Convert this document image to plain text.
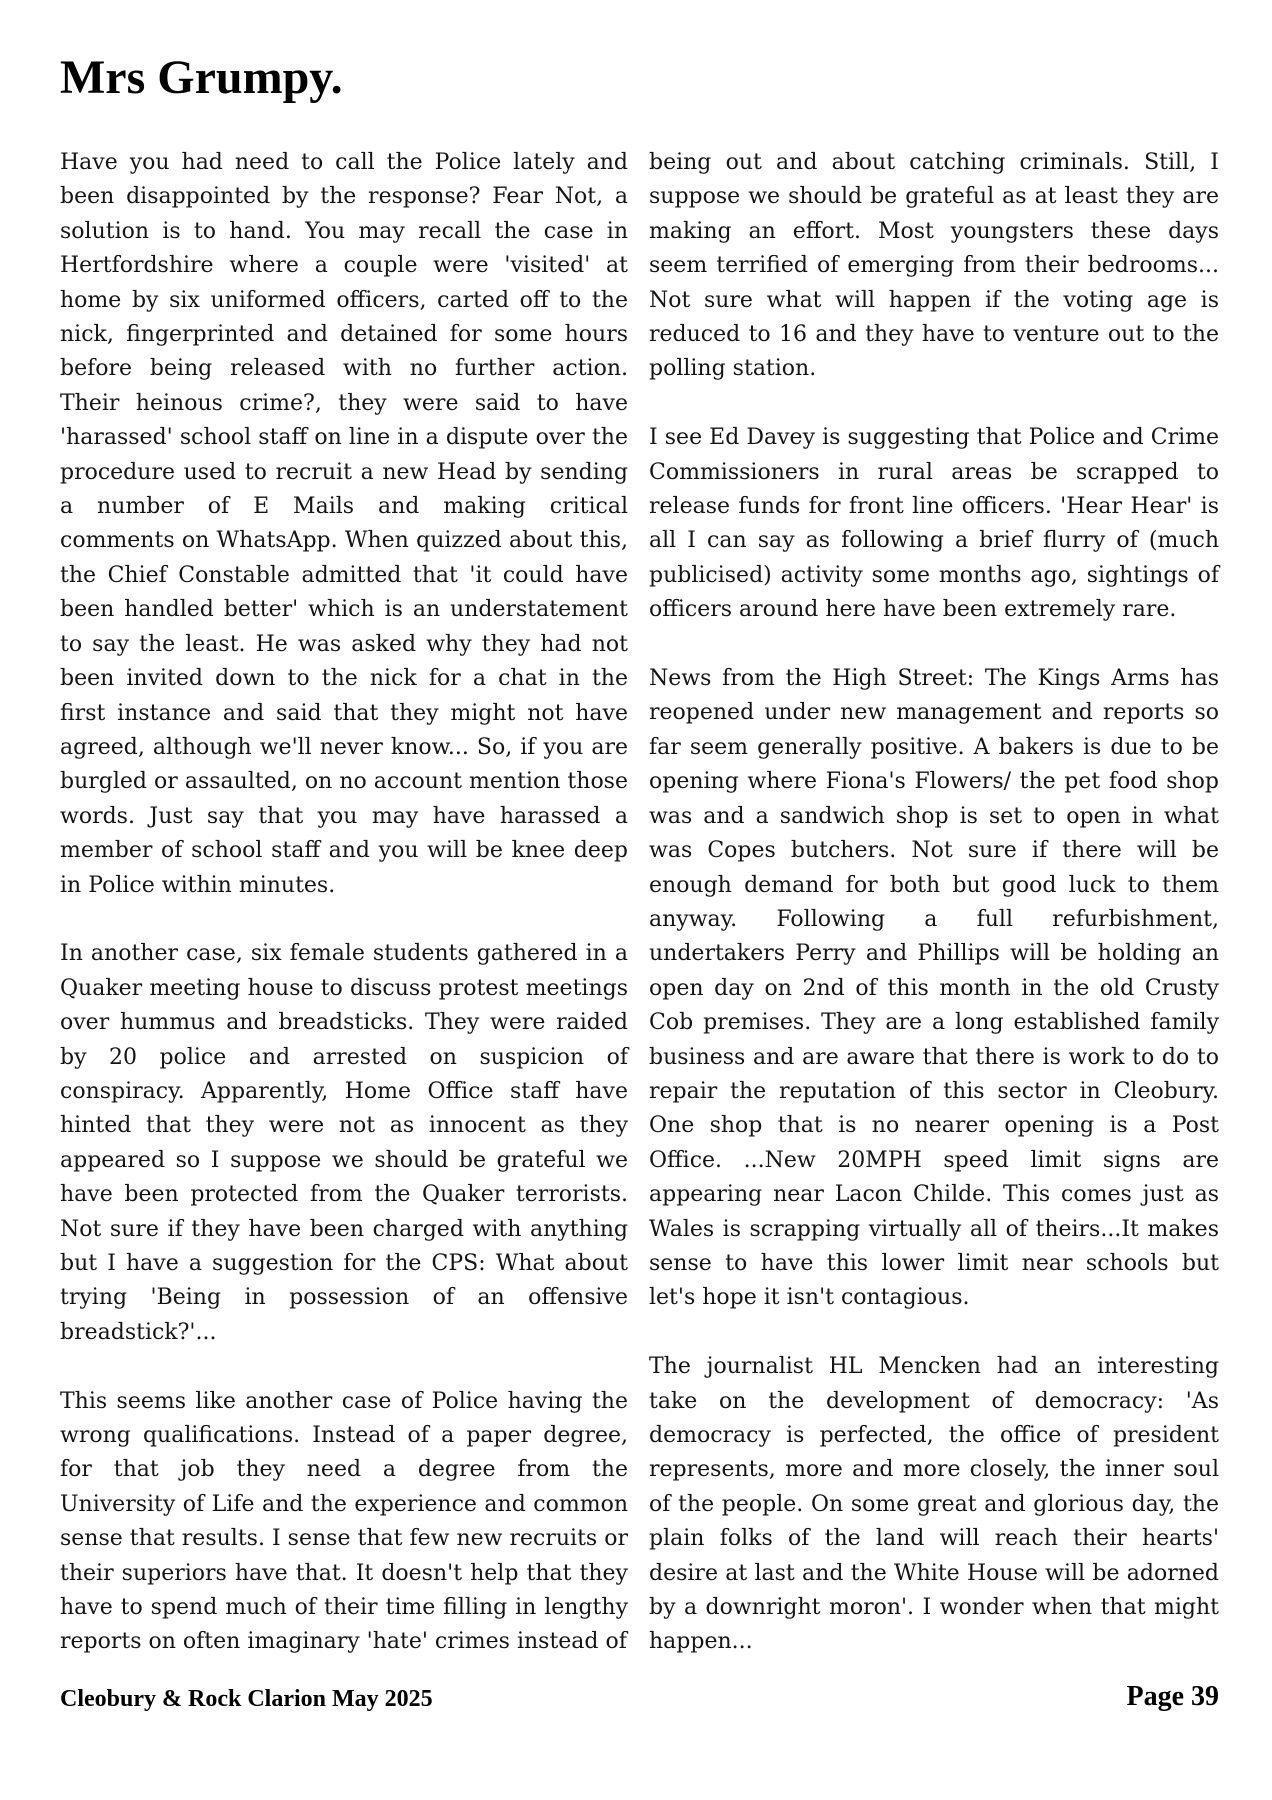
Mrs Grumpy.

Have you had need to call the Police lately and been disappointed by the response? Fear Not, a solution is to hand. You may recall the case in Hertfordshire where a couple were 'visited' at home by six uniformed officers, carted off to the nick, fingerprinted and detained for some hours before being released with no further action. Their heinous crime?, they were said to have 'harassed' school staff on line in a dispute over the procedure used to recruit a new Head by sending a number of E Mails and making critical comments on WhatsApp. When quizzed about this, the Chief Constable admitted that 'it could have been handled better' which is an understatement to say the least. He was asked why they had not been invited down to the nick for a chat in the first instance and said that they might not have agreed, although we'll never know... So, if you are burgled or assaulted, on no account mention those words. Just say that you may have harassed a member of school staff and you will be knee deep in Police within minutes.

In another case, six female students gathered in a Quaker meeting house to discuss protest meetings over hummus and breadsticks. They were raided by 20 police and arrested on suspicion of conspiracy. Apparently, Home Office staff have hinted that they were not as innocent as they appeared so I suppose we should be grateful we have been protected from the Quaker terrorists. Not sure if they have been charged with anything but I have a suggestion for the CPS: What about trying 'Being in possession of an offensive breadstick?'...

This seems like another case of Police having the wrong qualifications. Instead of a paper degree, for that job they need a degree from the University of Life and the experience and common sense that results. I sense that few new recruits or their superiors have that. It doesn't help that they have to spend much of their time filling in lengthy reports on often imaginary 'hate' crimes instead of

being out and about catching criminals. Still, I suppose we should be grateful as at least they are making an effort. Most youngsters these days seem terrified of emerging from their bedrooms... Not sure what will happen if the voting age is reduced to 16 and they have to venture out to the polling station.

I see Ed Davey is suggesting that Police and Crime Commissioners in rural areas be scrapped to release funds for front line officers. 'Hear Hear' is all I can say as following a brief flurry of (much publicised) activity some months ago, sightings of officers around here have been extremely rare.

News from the High Street: The Kings Arms has reopened under new management and reports so far seem generally positive. A bakers is due to be opening where Fiona's Flowers/ the pet food shop was and a sandwich shop is set to open in what was Copes butchers. Not sure if there will be enough demand for both but good luck to them anyway. Following a full refurbishment, undertakers Perry and Phillips will be holding an open day on 2nd of this month in the old Crusty Cob premises. They are a long established family business and are aware that there is work to do to repair the reputation of this sector in Cleobury. One shop that is no nearer opening is a Post Office. ...New 20MPH speed limit signs are appearing near Lacon Childe. This comes just as Wales is scrapping virtually all of theirs...It makes sense to have this lower limit near schools but let's hope it isn't contagious.

The journalist HL Mencken had an interesting take on the development of democracy: 'As democracy is perfected, the office of president represents, more and more closely, the inner soul of the people. On some great and glorious day, the plain folks of the land will reach their hearts' desire at last and the White House will be adorned by a downright moron'. I wonder when that might happen...

Cleobury & Rock Clarion May 2025	Page 39
